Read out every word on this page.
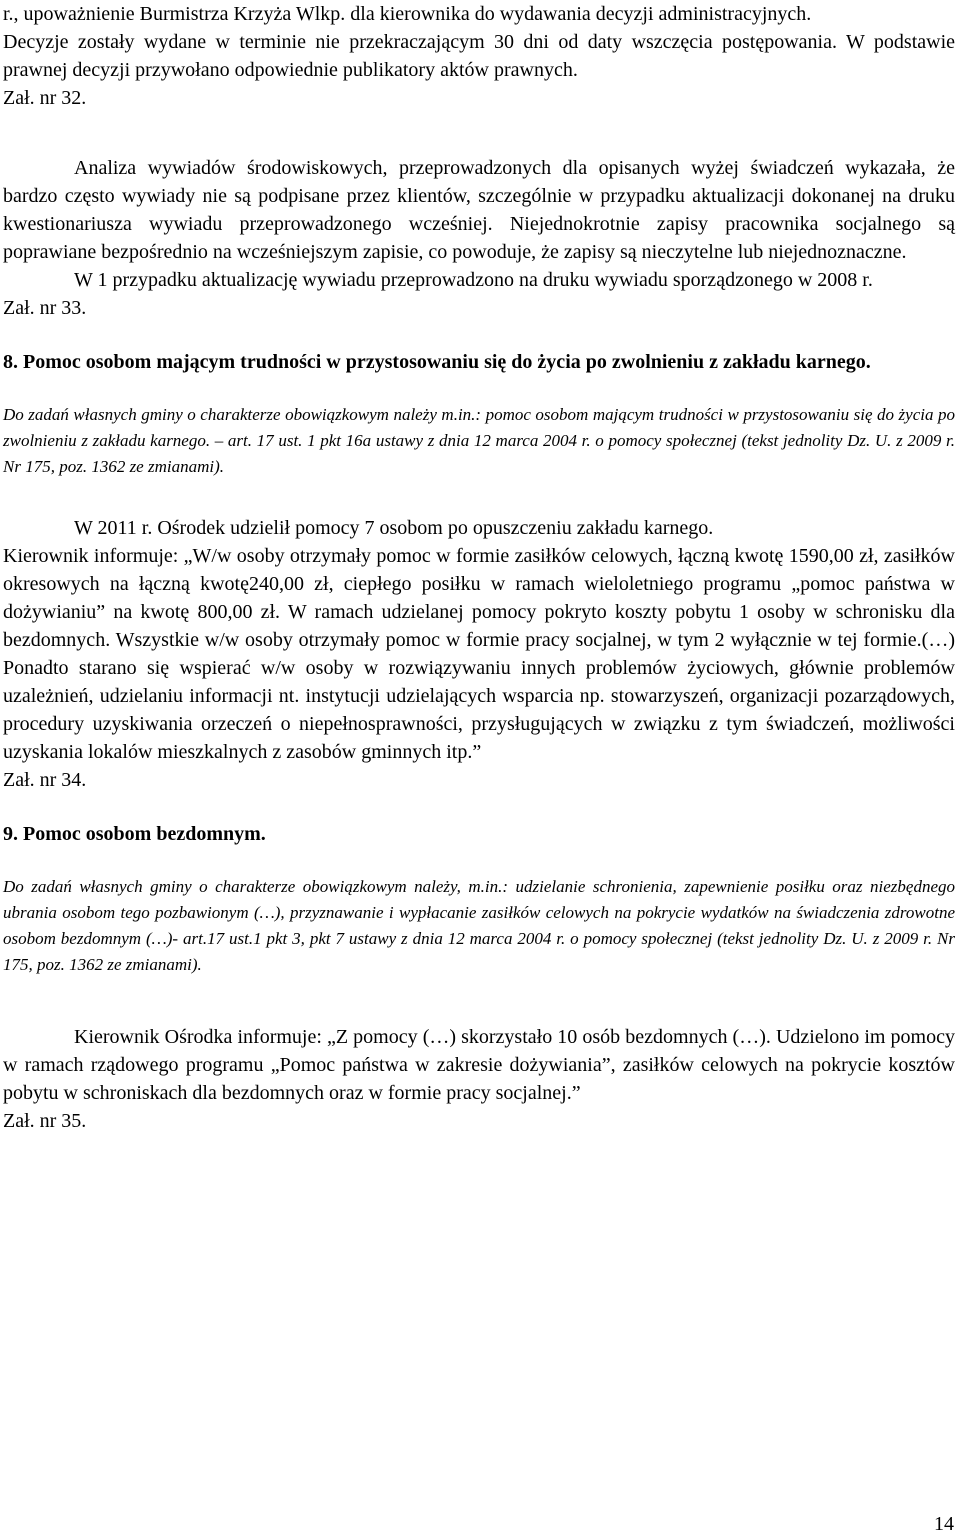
r., upoważnienie Burmistrza Krzyża Wlkp. dla kierownika do wydawania decyzji administracyjnych.

Decyzje zostały wydane w terminie nie przekraczającym 30 dni od daty wszczęcia postępowania. W podstawie prawnej decyzji przywołano odpowiednie publikatory aktów prawnych.

Zał. nr 32.

Analiza wywiadów środowiskowych, przeprowadzonych dla opisanych wyżej świadczeń wykazała, że bardzo często wywiady nie są podpisane przez klientów, szczególnie w przypadku aktualizacji dokonanej na druku kwestionariusza wywiadu przeprowadzonego wcześniej. Niejednokrotnie zapisy pracownika socjalnego są poprawiane bezpośrednio na wcześniejszym zapisie, co powoduje, że zapisy są nieczytelne lub niejednoznaczne.

W 1 przypadku aktualizację wywiadu przeprowadzono na druku wywiadu sporządzonego w 2008 r.

Zał. nr 33.

8. Pomoc osobom mającym trudności w przystosowaniu się do życia po zwolnieniu z zakładu karnego.

Do zadań własnych gminy o charakterze obowiązkowym należy m.in.: pomoc osobom mającym trudności w przystosowaniu się do życia po zwolnieniu z zakładu karnego. – art. 17 ust. 1 pkt 16a ustawy z dnia 12 marca 2004 r. o pomocy społecznej (tekst jednolity Dz. U. z 2009 r. Nr 175, poz. 1362 ze zmianami).

W 2011 r. Ośrodek udzielił pomocy 7 osobom po opuszczeniu zakładu karnego.

Kierownik informuje: „W/w osoby otrzymały pomoc w formie zasiłków celowych, łączną kwotę 1590,00 zł, zasiłków okresowych na łączną kwotę240,00 zł, ciepłego posiłku w ramach wieloletniego programu „pomoc państwa w dożywianiu” na kwotę 800,00 zł. W ramach udzielanej pomocy pokryto koszty pobytu 1 osoby w schronisku dla bezdomnych. Wszystkie w/w osoby otrzymały pomoc w formie pracy socjalnej, w tym 2 wyłącznie w tej formie.(…) Ponadto starano się wspierać w/w osoby w rozwiązywaniu innych problemów życiowych, głównie problemów uzależnień, udzielaniu informacji nt. instytucji udzielających wsparcia np. stowarzyszeń, organizacji pozarządowych, procedury uzyskiwania orzeczeń o niepełnosprawności, przysługujących w związku z tym świadczeń, możliwości uzyskania lokalów mieszkalnych z zasobów gminnych itp.”

Zał. nr 34.

9. Pomoc osobom bezdomnym.

Do zadań własnych gminy o charakterze obowiązkowym należy, m.in.: udzielanie schronienia, zapewnienie posiłku oraz niezbędnego ubrania osobom tego pozbawionym (…), przyznawanie i wypłacanie zasiłków celowych na pokrycie wydatków na świadczenia zdrowotne osobom bezdomnym (…)- art.17 ust.1 pkt 3, pkt 7 ustawy z dnia 12 marca 2004 r. o pomocy społecznej (tekst jednolity Dz. U. z 2009 r. Nr 175, poz. 1362 ze zmianami).

Kierownik Ośrodka informuje: „Z pomocy (…) skorzystało 10 osób bezdomnych (…). Udzielono im pomocy w ramach rządowego programu „Pomoc państwa w zakresie dożywiania”, zasiłków celowych na pokrycie kosztów pobytu w schroniskach dla bezdomnych oraz w formie pracy socjalnej.”

Zał. nr 35.

14
